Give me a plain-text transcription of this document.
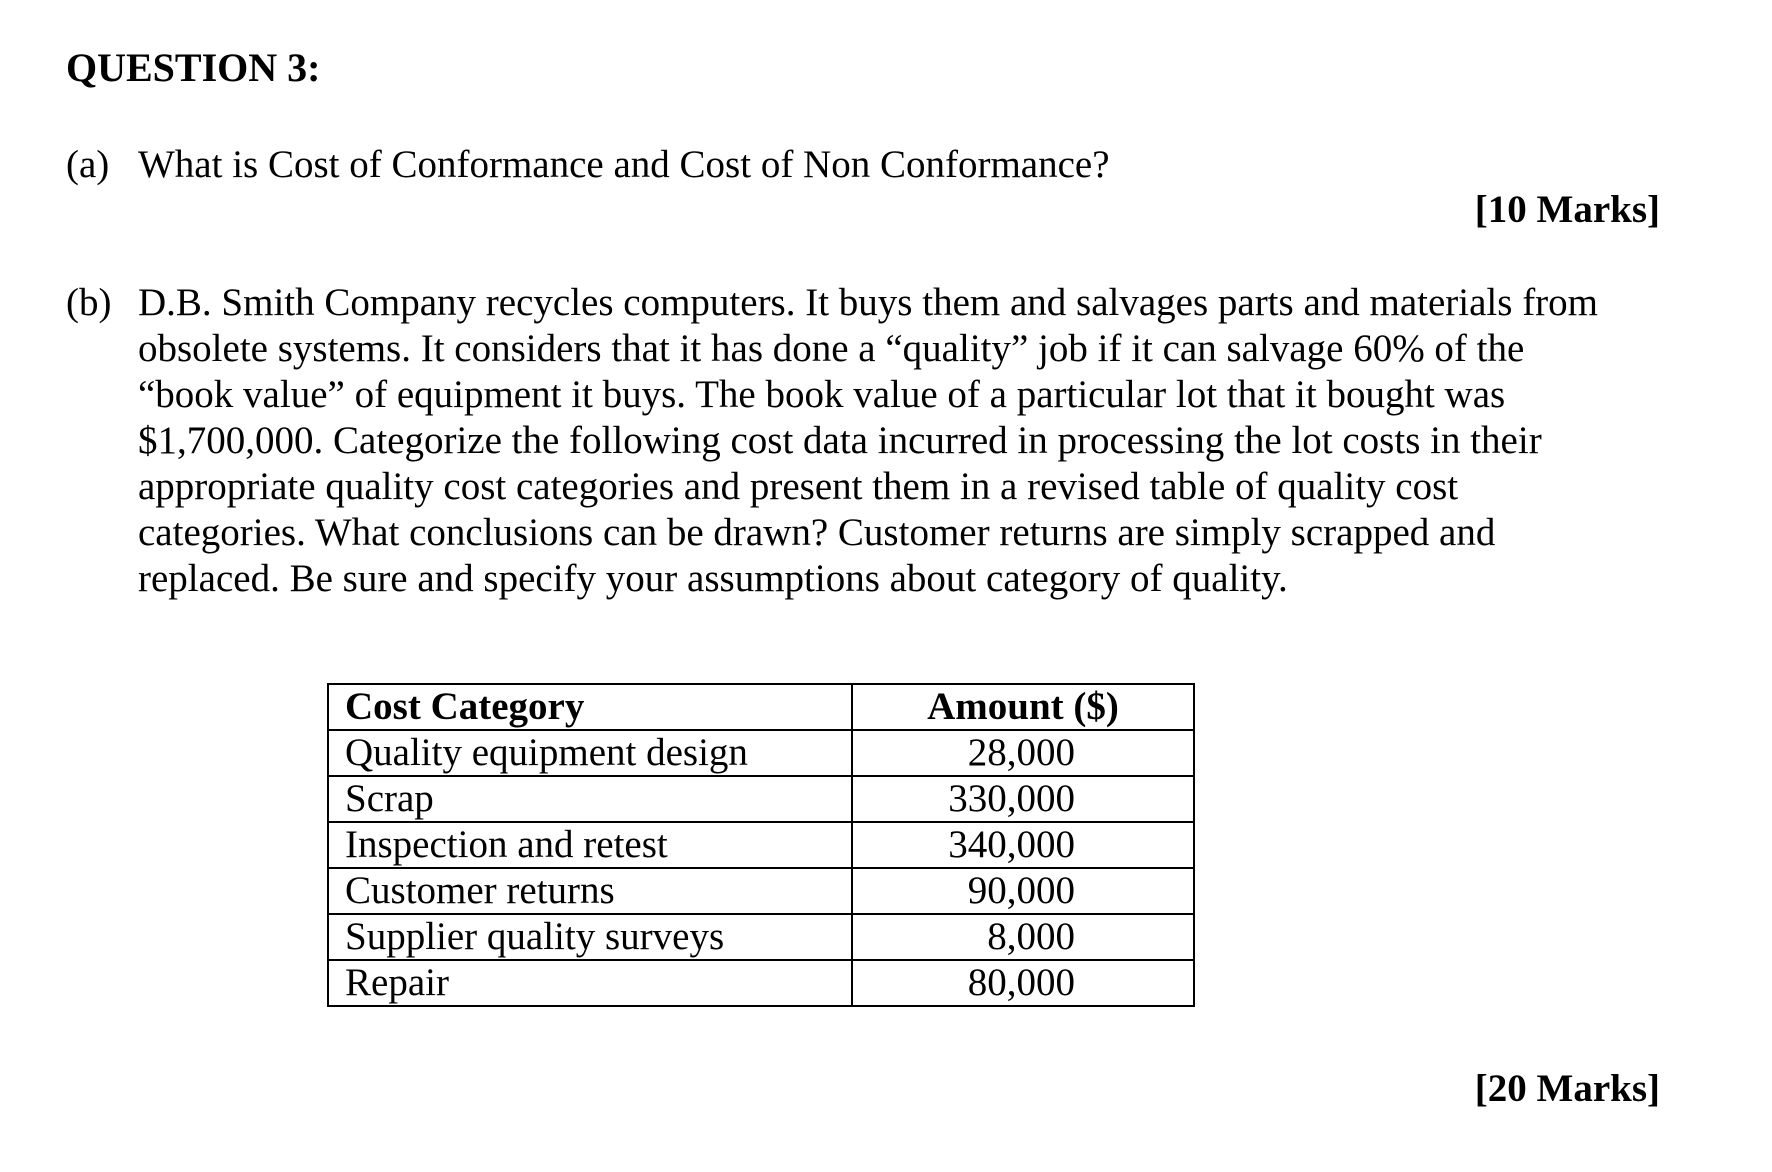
QUESTION 3:
(a) What is Cost of Conformance and Cost of Non Conformance?
[10 Marks]
(b) D.B. Smith Company recycles computers. It buys them and salvages parts and materials from
obsolete systems. It considers that it has done a “quality” job if it can salvage 60% of the
“book value” of equipment it buys. The book value of a particular lot that it bought was
$1,700,000. Categorize the following cost data incurred in processing the lot costs in their
appropriate quality cost categories and present them in a revised table of quality cost
categories. What conclusions can be drawn? Customer returns are simply scrapped and
replaced. Be sure and specify your assumptions about category of quality.
Cost Category	Amount ($)
Quality equipment design	28,000
Scrap	330,000
Inspection and retest	340,000
Customer returns	90,000
Supplier quality surveys	8,000
Repair	80,000
[20 Marks]
